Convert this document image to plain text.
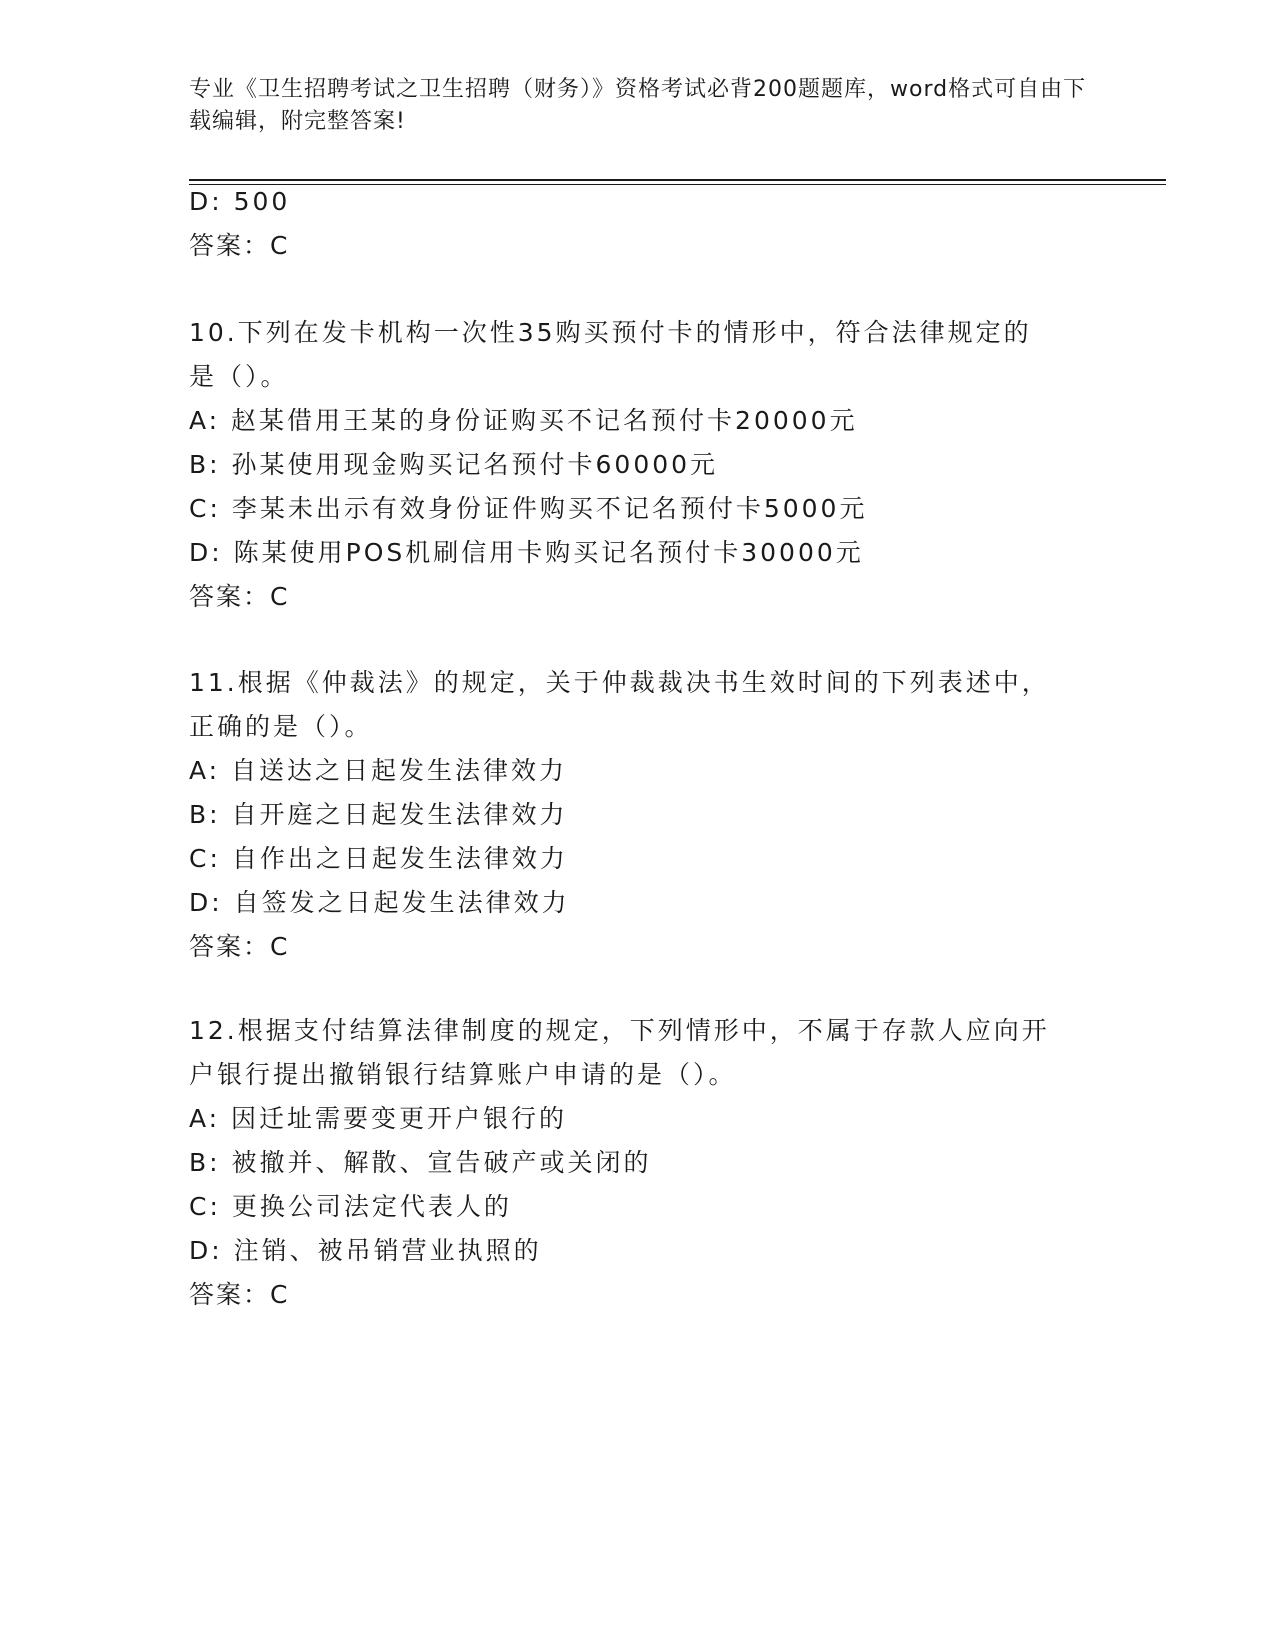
专业《卫生招聘考试之卫生招聘（财务）》资格考试必背200题题库，word格式可自由下载编辑，附完整答案!
D: 500
答案：C
10.下列在发卡机构一次性35购买预付卡的情形中，符合法律规定的
是（）。
A: 赵某借用王某的身份证购买不记名预付卡20000元
B: 孙某使用现金购买记名预付卡60000元
C: 李某未出示有效身份证件购买不记名预付卡5000元
D: 陈某使用POS机刷信用卡购买记名预付卡30000元
答案：C
11.根据《仲裁法》的规定，关于仲裁裁决书生效时间的下列表述中，
正确的是（）。
A: 自送达之日起发生法律效力
B: 自开庭之日起发生法律效力
C: 自作出之日起发生法律效力
D: 自签发之日起发生法律效力
答案：C
12.根据支付结算法律制度的规定，下列情形中，不属于存款人应向开
户银行提出撤销银行结算账户申请的是（）。
A: 因迁址需要变更开户银行的
B: 被撤并、解散、宣告破产或关闭的
C: 更换公司法定代表人的
D: 注销、被吊销营业执照的
答案：C
